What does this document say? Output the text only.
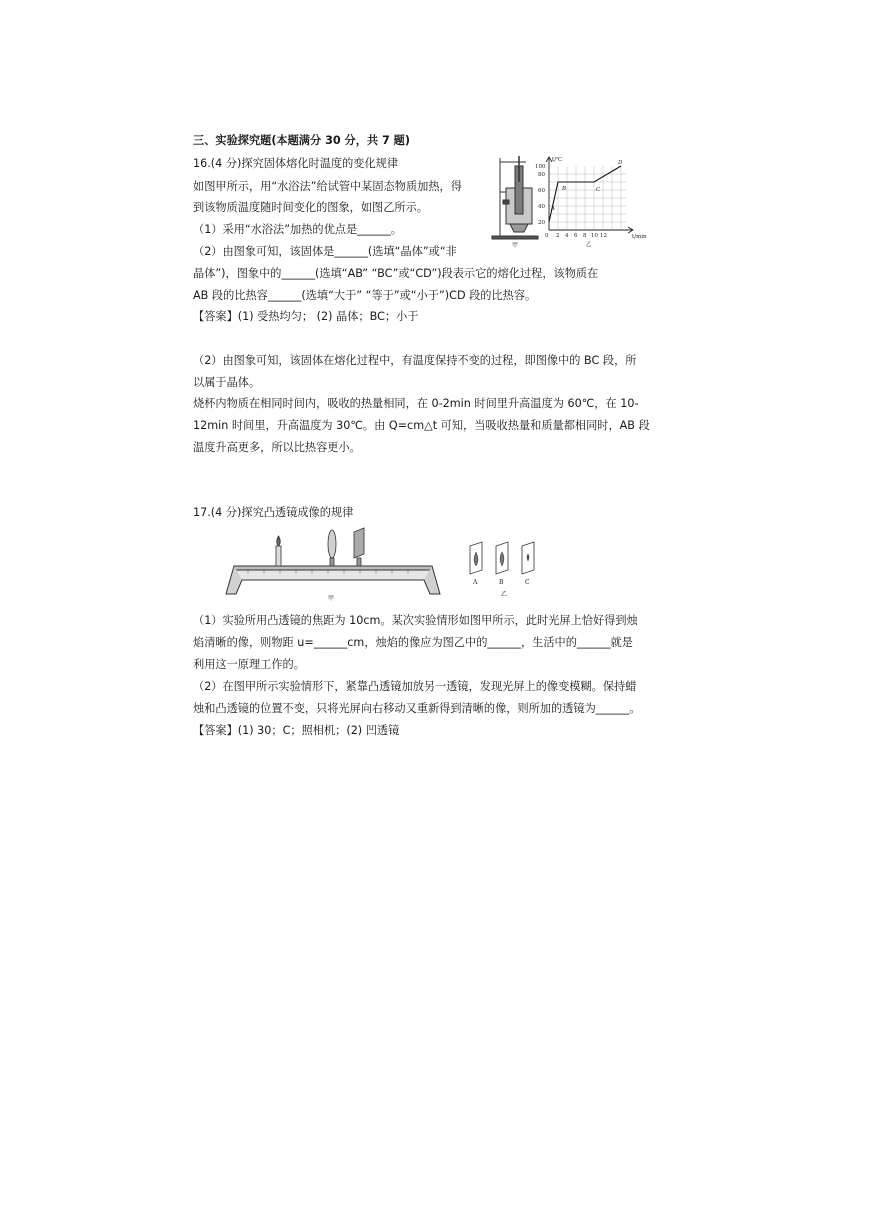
三、实验探究题(本题满分 30 分，共 7 题)
16.(4 分)探究固体熔化时温度的变化规律
如图甲所示，用“水浴法”给试管中某固态物质加热，得
到该物质温度随时间变化的图象，如图乙所示。
（1）采用“水浴法”加热的优点是______。
（2）由图象可知，该固体是______(选填“晶体”或“非
晶体”)，图象中的______(选填“AB” “BC”或“CD”)段表示它的熔化过程，该物质在
AB 段的比热容______(选填“大于” “等于”或“小于”)CD 段的比热容。
【答案】(1) 受热均匀； (2) 晶体；BC；小于
（2）由图象可知，该固体在熔化过程中，有温度保持不变的过程，即图像中的 BC 段，所
以属于晶体。
烧杯内物质在相同时间内，吸收的热量相同，在 0-2min 时间里升高温度为 60℃，在 10-
12min 时间里，升高温度为 30℃。由 Q=cm△t 可知，当吸收热量和质量都相同时，AB 段
温度升高更多，所以比热容更小。
甲
t/℃
t/min
20
40
60
80
100
0 2 4 6 8 10 12
A
B	C
D
乙
17.(4 分)探究凸透镜成像的规律
甲
A	B	C
乙
（1）实验所用凸透镜的焦距为 10cm。某次实验情形如图甲所示，此时光屏上恰好得到烛
焰清晰的像，则物距 u=______cm，烛焰的像应为图乙中的______，生活中的______就是
利用这一原理工作的。
（2）在图甲所示实验情形下，紧靠凸透镜加放另一透镜，发现光屏上的像变模糊。保持蜡
烛和凸透镜的位置不变，只将光屏向右移动又重新得到清晰的像，则所加的透镜为______。
【答案】(1) 30；C；照相机；(2) 凹透镜
